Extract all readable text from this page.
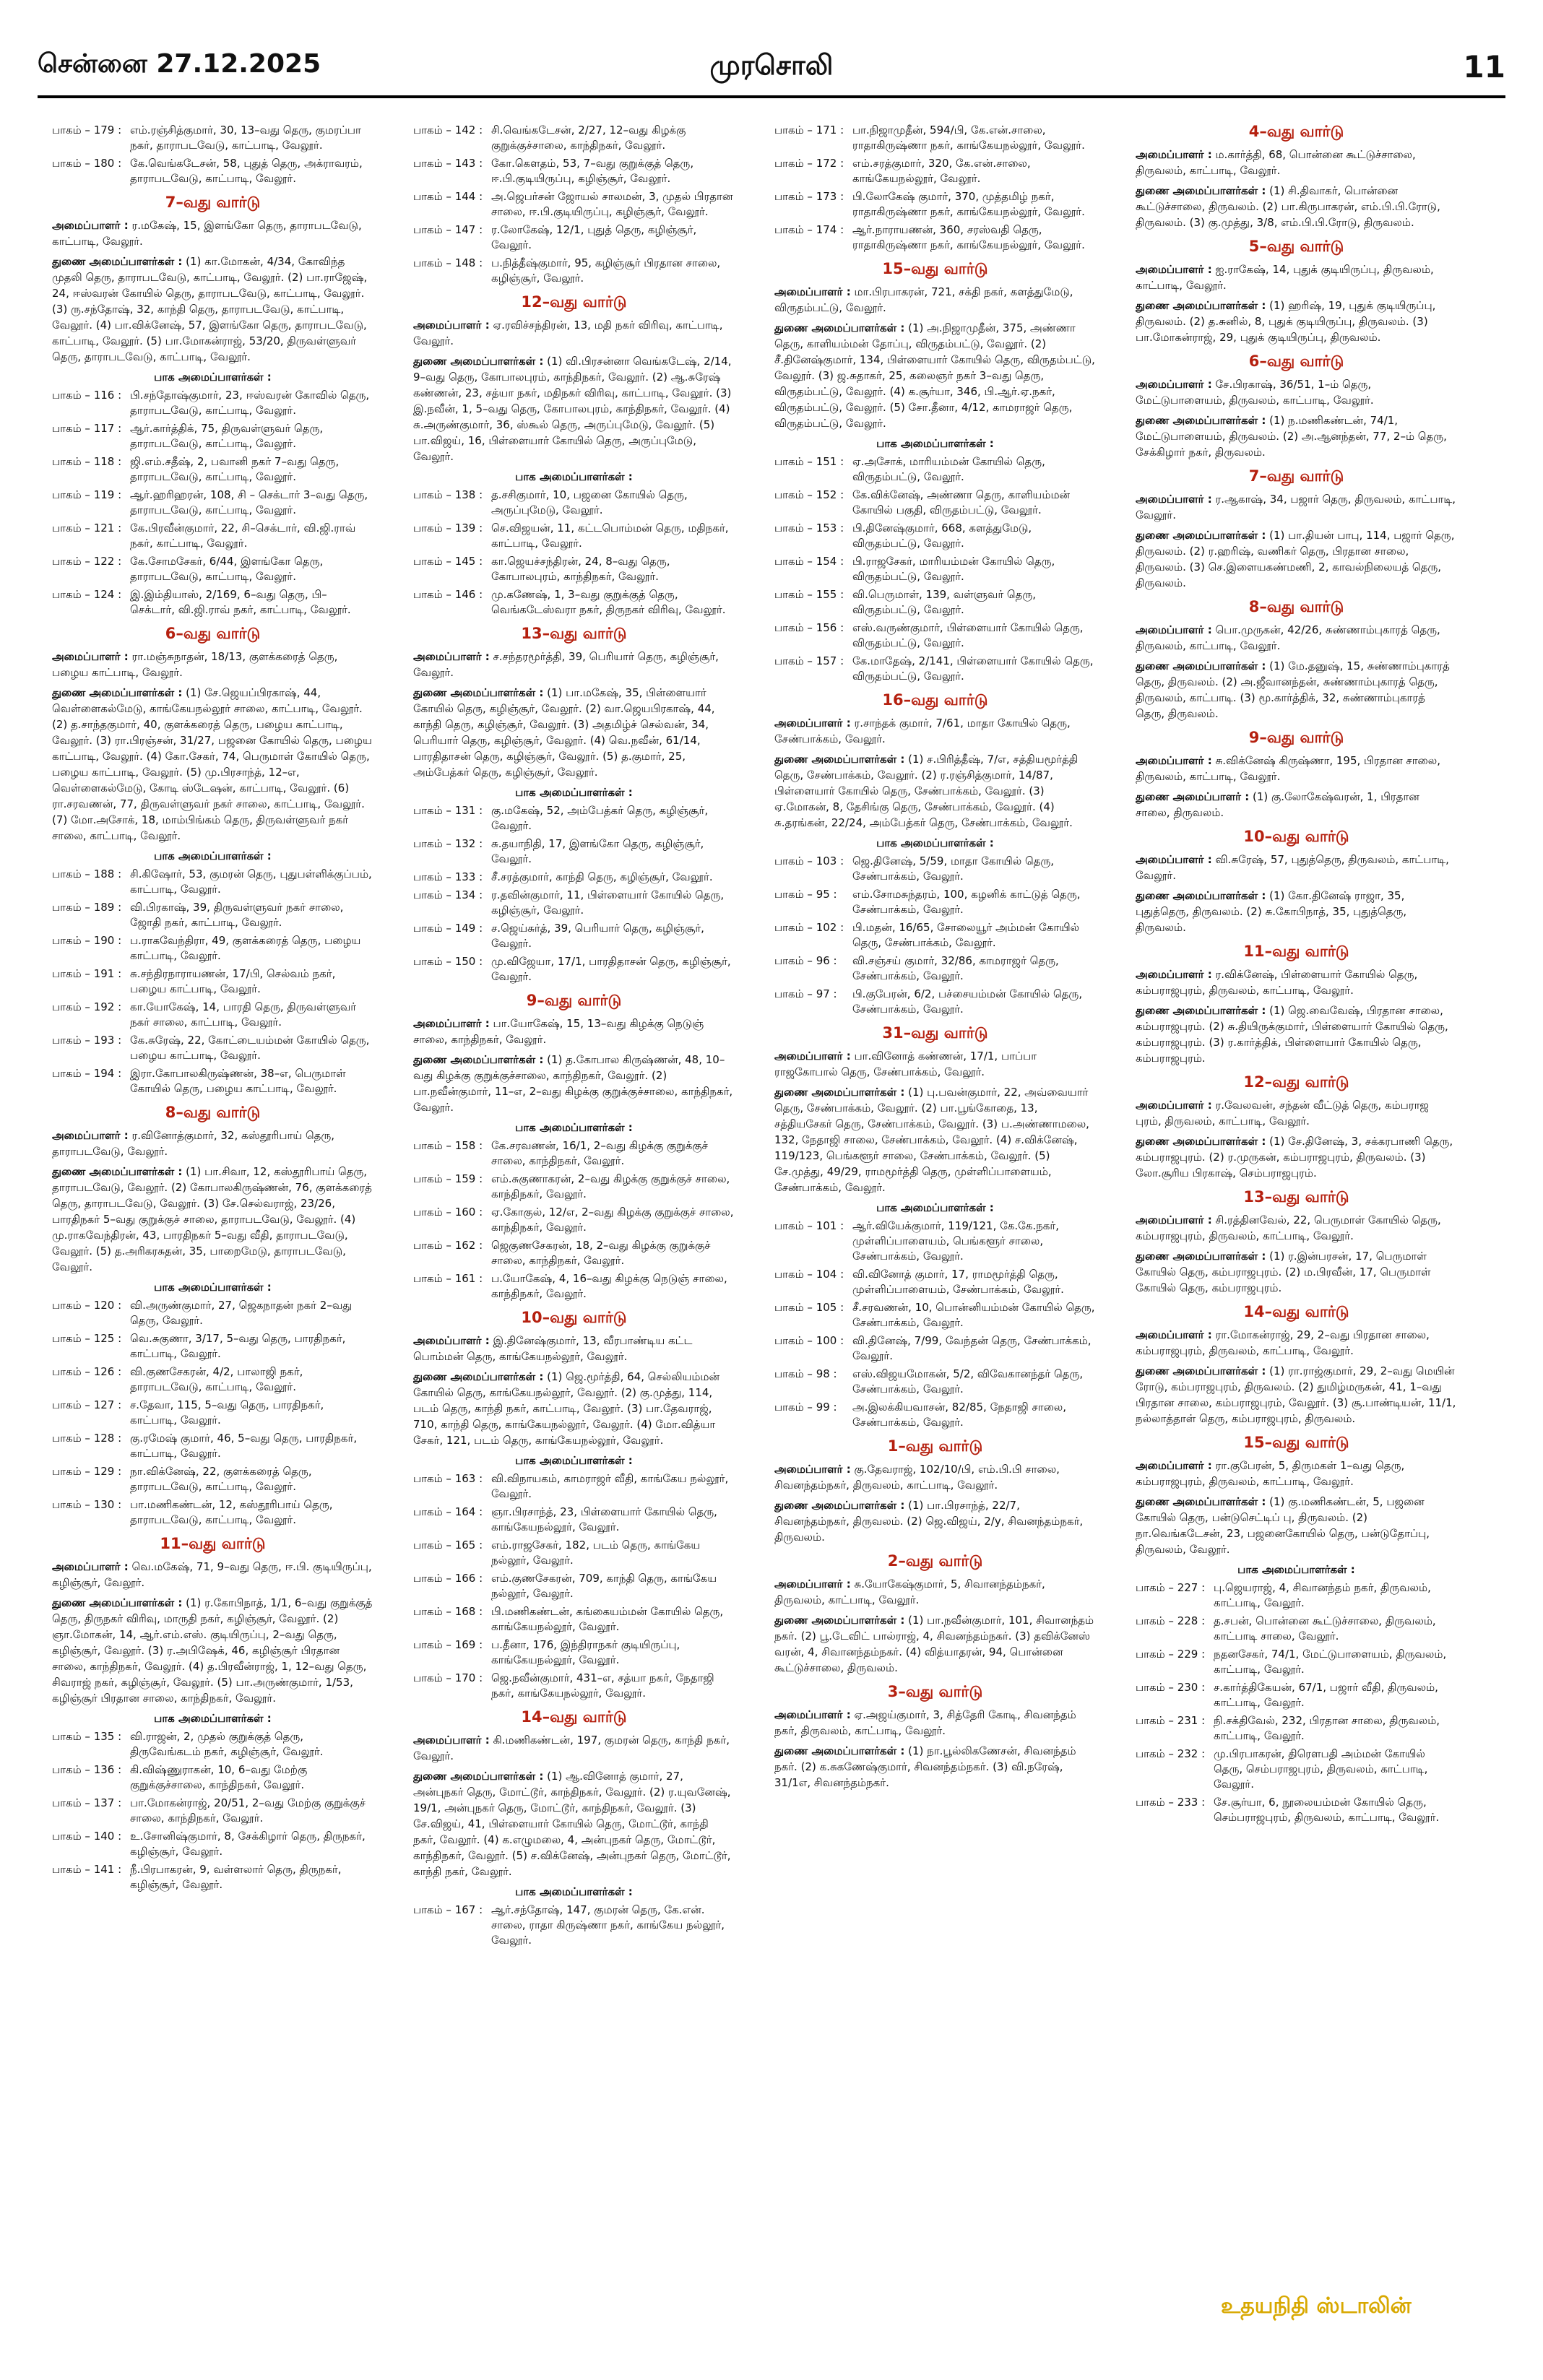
சென்னை 27.12.2025	முரசொலி	11
பாகம் – 179 : எம்.ரஞ்சித்குமார், 30, 13–வது தெரு, குமரப்பா நகர், தாராபடவேடு, காட்பாடி, வேலூர்.
பாகம் – 180 : கே.வெங்கடேசன், 58, புதுத் தெரு, அக்ராவரம், தாராபடவேடு, காட்பாடி, வேலூர்.
7–வது வார்டு
அமைப்பாளர் : ர.மகேஷ், 15, இளங்கோ தெரு, தாராபடவேடு, காட்பாடி, வேலூர்.
துணை அமைப்பாளர்கள் : (1) கா.மோகன், 4/34, கோவிந்த முதலி தெரு, தாராபடவேடு, காட்பாடி, வேலூர். (2) பா.ராஜேஷ், 24, ஈஸ்வரன் கோயில் தெரு, தாராபடவேடு, காட்பாடி, வேலூர். (3) ரு.சந்தோஷ், 32, காந்தி தெரு, தாராபடவேடு, காட்பாடி, வேலூர். (4) பா.விக்னேஷ், 57, இளங்கோ தெரு, தாராபடவேடு, காட்பாடி, வேலூர். (5) பா.மோகன்ராஜ், 53/20, திருவள்ளுவர் தெரு, தாராபடவேடு, காட்பாடி, வேலூர்.
பாக அமைப்பாளர்கள் :
பாகம் – 116 : பி.சந்தோஷ்குமார், 23, ஈஸ்வரன் கோவில் தெரு, தாராபடவேடு, காட்பாடி, வேலூர்.
பாகம் – 117 : ஆர்.கார்த்திக், 75, திருவள்ளுவர் தெரு, தாராபடவேடு, காட்பாடி, வேலூர்.
பாகம் – 118 : ஜி.எம்.சதீஷ், 2, பவானி நகர் 7–வது தெரு, தாராபடவேடு, காட்பாடி, வேலூர்.
பாகம் – 119 : ஆர்.ஹரிஹரன், 108, சி – செக்டார் 3–வது தெரு, தாராபடவேடு, காட்பாடி, வேலூர்.
பாகம் – 121 : கே.பிரவீன்குமார், 22, சி–செக்டார், வி.ஜி.ராவ் நகர், காட்பாடி, வேலூர்.
பாகம் – 122 : கே.சோமசேகர், 6/44, இளங்கோ தெரு, தாராபடவேடு, காட்பாடி, வேலூர்.
பாகம் – 124 : இ.இம்தியாஸ், 2/169, 6–வது தெரு, பி– செக்டார், வி.ஜி.ராவ் நகர், காட்பாடி, வேலூர்.
6–வது வார்டு
அமைப்பாளர் : ரா.மஞ்சுநாதன், 18/13, குளக்கரைத் தெரு, பழைய காட்பாடி, வேலூர்.
துணை அமைப்பாளர்கள் : (1) சே.ஜெயப்பிரகாஷ், 44, வெள்ளைகல்மேடு, காங்கேயநல்லூர் சாலை, காட்பாடி, வேலூர். (2) த.சாந்தகுமார், 40, குளக்கரைத் தெரு, பழைய காட்பாடி, வேலூர். (3) ரா.பிரஞ்சன், 31/27, பஜனை கோயில் தெரு, பழைய காட்பாடி, வேலூர். (4) கோ.சேகர், 74, பெருமாள் கோயில் தெரு, பழைய காட்பாடி, வேலூர். (5) மு.பிரசாந்த், 12–எ, வெள்ளைகல்மேடு, கோடி ஸ்டேஷன், காட்பாடி, வேலூர். (6) ரா.சரவணன், 77, திருவள்ளுவர் நகர் சாலை, காட்பாடி, வேலூர். (7) மோ.அசோக், 18, மாம்பிங்கம் தெரு, திருவள்ளுவர் நகர் சாலை, காட்பாடி, வேலூர்.
பாக அமைப்பாளர்கள் :
பாகம் – 188 : சி.கிஷோர், 53, குமரன் தெரு, புதுபள்ளிக்குப்பம், காட்பாடி, வேலூர்.
பாகம் – 189 : வி.பிரகாஷ், 39, திருவள்ளுவர் நகர் சாலை, ஜோதி நகர், காட்பாடி, வேலூர்.
பாகம் – 190 : ப.ராகவேந்திரா, 49, குளக்கரைத் தெரு, பழைய காட்பாடி, வேலூர்.
பாகம் – 191 : சு.சந்திரநாராயணன், 17/பி, செல்வம் நகர், பழைய காட்பாடி, வேலூர்.
பாகம் – 192 : கா.யோகேஷ், 14, பாரதி தெரு, திருவள்ளுவர் நகர் சாலை, காட்பாடி, வேலூர்.
பாகம் – 193 : கே.சுரேஷ், 22, கோட்டையம்மன் கோயில் தெரு, பழைய காட்பாடி, வேலூர்.
பாகம் – 194 : இரா.கோபாலகிருஷ்ணன், 38–எ, பெருமாள் கோயில் தெரு, பழைய காட்பாடி, வேலூர்.
8–வது வார்டு
அமைப்பாளர் : ர.வினோத்குமார், 32, கஸ்தூரிபாய் தெரு, தாராபடவேடு, வேலூர்.
துணை அமைப்பாளர்கள் : (1) பா.சிவா, 12, கஸ்தூரிபாய் தெரு, தாராபடவேடு, வேலூர். (2) கோபாலகிருஷ்ணன், 76, குளக்கரைத் தெரு, தாராபடவேடு, வேலூர். (3) சே.செல்வராஜ், 23/26, பாரதிநகர் 5–வது குறுக்குச் சாலை, தாராபடவேடு, வேலூர். (4) மு.ராகவேந்திரன், 43, பாரதிநகர் 5–வது வீதி, தாராபடவேடு, வேலூர். (5) த.அரிகரசுதன், 35, பாறைமேடு, தாராபடவேடு, வேலூர்.
பாக அமைப்பாளர்கள் :
பாகம் – 120 : வி.அருண்குமார், 27, ஜெகநாதன் நகர் 2–வது தெரு, வேலூர்.
பாகம் – 125 : வெ.சுகுணா, 3/17, 5–வது தெரு, பாரதிநகர், காட்பாடி, வேலூர்.
பாகம் – 126 : வி.குணசேகரன், 4/2, பாலாஜி நகர், தாராபடவேடு, காட்பாடி, வேலூர்.
பாகம் – 127 : ச.தேவா, 115, 5–வது தெரு, பாரதிநகர், காட்பாடி, வேலூர்.
பாகம் – 128 : கு.ரமேஷ் குமார், 46, 5–வது தெரு, பாரதிநகர், காட்பாடி, வேலூர்.
பாகம் – 129 : நா.விக்னேஷ், 22, குளக்கரைத் தெரு, தாராபடவேடு, காட்பாடி, வேலூர்.
பாகம் – 130 : பா.மணிகண்டன், 12, கஸ்தூரிபாய் தெரு, தாராபடவேடு, காட்பாடி, வேலூர்.
11–வது வார்டு
அமைப்பாளர் : வெ.மகேஷ், 71, 9–வது தெரு, ஈ.பி. குடியிருப்பு, கழிஞ்சூர், வேலூர்.
துணை அமைப்பாளர்கள் : (1) ர.கோபிநாத், 1/1, 6–வது குறுக்குத் தெரு, திருநகர் விரிவு, மாருதி நகர், கழிஞ்சூர், வேலூர். (2) ஞா.மோகன், 14, ஆர்.எம்.எஸ். குடியிருப்பு, 2–வது தெரு, கழிஞ்சூர், வேலூர். (3) ர.அபிஷேக், 46, கழிஞ்சூர் பிரதான சாலை, காந்திநகர், வேலூர். (4) த.பிரவீன்ராஜ், 1, 12–வது தெரு, சிவராஜ் நகர், கழிஞ்சூர், வேலூர். (5) பா.அருண்குமார், 1/53, கழிஞ்சூர் பிரதான சாலை, காந்திநகர், வேலூர்.
பாக அமைப்பாளர்கள் :
பாகம் – 135 : வி.ராஜன், 2, முதல் குறுக்குத் தெரு, திருவேங்கடம் நகர், கழிஞ்சூர், வேலூர்.
பாகம் – 136 : கி.விஷ்ணுராகன், 10, 6–வது மேற்கு குறுக்குச்சாலை, காந்திநகர், வேலூர்.
பாகம் – 137 : பா.மோகன்ராஜ், 20/51, 2–வது மேற்கு குறுக்குச் சாலை, காந்திநகர், வேலூர்.
பாகம் – 140 : உ.சோனிஷ்குமார், 8, சேக்கிழார் தெரு, திருநகர், கழிஞ்சூர், வேலூர்.
பாகம் – 141 : நீ.பிரபாகரன், 9, வள்ளலார் தெரு, திருநகர், கழிஞ்சூர், வேலூர்.
பாகம் – 142 : சி.வெங்கடேசன், 2/27, 12–வது கிழக்கு குறுக்குச்சாலை, காந்திநகர், வேலூர்.
பாகம் – 143 : கோ.கௌதம், 53, 7–வது குறுக்குத் தெரு, ஈ.பி.குடியிருப்பு, கழிஞ்சூர், வேலூர்.
பாகம் – 144 : அ.ஜெபர்சன் ஜோயல் சாலமன், 3, முதல் பிரதான சாலை, ஈ.பி.குடியிருப்பு, கழிஞ்சூர், வேலூர்.
பாகம் – 147 : ர.லோகேஷ், 12/1, புதுத் தெரு, கழிஞ்சூர், வேலூர்.
பாகம் – 148 : ப.நித்தீஷ்குமார், 95, கழிஞ்சூர் பிரதான சாலை, கழிஞ்சூர், வேலூர்.
12–வது வார்டு
அமைப்பாளர் : ஏ.ரவிச்சந்திரன், 13, மதி நகர் விரிவு, காட்பாடி, வேலூர்.
துணை அமைப்பாளர்கள் : (1) வி.பிரசன்னா வெங்கடேஷ், 2/14, 9–வது தெரு, கோபாலபுரம், காந்திநகர், வேலூர். (2) ஆ.சுரேஷ் கண்ணன், 23, சத்யா நகர், மதிநகர் விரிவு, காட்பாடி, வேலூர். (3) இ.நவீன், 1, 5–வது தெரு, கோபாலபுரம், காந்திநகர், வேலூர். (4) சு.அருண்குமார், 36, ஸ்கூல் தெரு, அருப்புமேடு, வேலூர். (5) பா.விஜய், 16, பிள்ளையார் கோயில் தெரு, அருப்புமேடு, வேலூர்.
பாக அமைப்பாளர்கள் :
பாகம் – 138 : த.சசிகுமார், 10, பஜனை கோயில் தெரு, அருப்புமேடு, வேலூர்.
பாகம் – 139 : செ.விஜயன், 11, கட்டபொம்மன் தெரு, மதிநகர், காட்பாடி, வேலூர்.
பாகம் – 145 : கா.ஜெயச்சந்திரன், 24, 8–வது தெரு, கோபாலபுரம், காந்திநகர், வேலூர்.
பாகம் – 146 : மு.கணேஷ், 1, 3–வது குறுக்குத் தெரு, வெங்கடேஸ்வரா நகர், திருநகர் விரிவு, வேலூர்.
13–வது வார்டு
அமைப்பாளர் : ச.சந்தரமூர்த்தி, 39, பெரியார் தெரு, கழிஞ்சூர், வேலூர்.
துணை அமைப்பாளர்கள் : (1) பா.மகேஷ், 35, பிள்ளையார் கோயில் தெரு, கழிஞ்சூர், வேலூர். (2) வா.ஜெயபிரகாஷ், 44, காந்தி தெரு, கழிஞ்சூர், வேலூர். (3) அதமிழ்ச் செல்வன், 34, பெரியார் தெரு, கழிஞ்சூர், வேலூர். (4) வெ.நவீன், 61/14, பாரதிதாசன் தெரு, கழிஞ்சூர், வேலூர். (5) த.குமார், 25, அம்பேத்கர் தெரு, கழிஞ்சூர், வேலூர்.
பாக அமைப்பாளர்கள் :
பாகம் – 131 : கு.மகேஷ், 52, அம்பேத்கர் தெரு, கழிஞ்சூர், வேலூர்.
பாகம் – 132 : சு.தயாநிதி, 17, இளங்கோ தெரு, கழிஞ்சூர், வேலூர்.
பாகம் – 133 : சீ.சரத்குமார், காந்தி தெரு, கழிஞ்சூர், வேலூர்.
பாகம் – 134 : ர.தவின்குமார், 11, பிள்ளையார் கோயில் தெரு, கழிஞ்சூர், வேலூர்.
பாகம் – 149 : ச.ஜெய்சுர்த், 39, பெரியார் தெரு, கழிஞ்சூர், வேலூர்.
பாகம் – 150 : மு.விஜேயா, 17/1, பாரதிதாசன் தெரு, கழிஞ்சூர், வேலூர்.
9–வது வார்டு
அமைப்பாளர் : பா.யோகேஷ், 15, 13–வது கிழக்கு நெடுஞ் சாலை, காந்திநகர், வேலூர்.
துணை அமைப்பாளர்கள் : (1) த.கோபால கிருஷ்ணன், 48, 10–வது கிழக்கு குறுக்குச்சாலை, காந்திநகர், வேலூர். (2) பா.நவீன்குமார், 11–எ, 2–வது கிழக்கு குறுக்குச்சாலை, காந்திநகர், வேலூர்.
பாக அமைப்பாளர்கள் :
பாகம் – 158 : கே.சரவணன், 16/1, 2–வது கிழக்கு குறுக்குச் சாலை, காந்திநகர், வேலூர்.
பாகம் – 159 : எம்.சுகுணாகரன், 2–வது கிழக்கு குறுக்குச் சாலை, காந்திநகர், வேலூர்.
பாகம் – 160 : ஏ.கோகுல், 12/எ, 2–வது கிழக்கு குறுக்குச் சாலை, காந்திநகர், வேலூர்.
பாகம் – 162 : ஜெகுணசேகரன், 18, 2–வது கிழக்கு குறுக்குச் சாலை, காந்திநகர், வேலூர்.
பாகம் – 161 : ப.யோகேஷ், 4, 16–வது கிழக்கு நெடுஞ் சாலை, காந்திநகர், வேலூர்.
10–வது வார்டு
அமைப்பாளர் : இ.தினேஷ்குமார், 13, வீரபாண்டிய கட்ட பொம்மன் தெரு, காங்கேயநல்லூர், வேலூர்.
துணை அமைப்பாளர்கள் : (1) ஜெ.மூர்த்தி, 64, செல்லியம்மன் கோயில் தெரு, காங்கேயநல்லூர், வேலூர். (2) கு.முத்து, 114, படம் தெரு, காந்தி நகர், காட்பாடி, வேலூர். (3) பா.தேவராஜ், 710, காந்தி தெரு, காங்கேயநல்லூர், வேலூர். (4) மோ.வித்யா சேகர், 121, படம் தெரு, காங்கேயநல்லூர், வேலூர்.
பாக அமைப்பாளர்கள் :
பாகம் – 163 : வி.விநாயகம், காமராஜர் வீதி, காங்கேய நல்லூர், வேலூர்.
பாகம் – 164 : ஞா.பிரசாந்த், 23, பிள்ளையார் கோயில் தெரு, காங்கேயநல்லூர், வேலூர்.
பாகம் – 165 : எம்.ராஜசேகர், 182, படம் தெரு, காங்கேய நல்லூர், வேலூர்.
பாகம் – 166 : எம்.குணசேகரன், 709, காந்தி தெரு, காங்கேய நல்லூர், வேலூர்.
பாகம் – 168 : பி.மணிகண்டன், கங்கையம்மன் கோயில் தெரு, காங்கேயநல்லூர், வேலூர்.
பாகம் – 169 : ப.தீனா, 176, இந்திராநகர் குடியிருப்பு, காங்கேயநல்லூர், வேலூர்.
பாகம் – 170 : ஜெ.நவீன்குமார், 431–எ, சத்யா நகர், நேதாஜி நகர், காங்கேயநல்லூர், வேலூர்.
14–வது வார்டு
அமைப்பாளர் : கி.மணிகண்டன், 197, குமரன் தெரு, காந்தி நகர், வேலூர்.
துணை அமைப்பாளர்கள் : (1) ஆ.வினோத் குமார், 27, அன்புநகர் தெரு, மோட்டூர், காந்திநகர், வேலூர். (2) ர.யுவனேஷ், 19/1, அன்புநகர் தெரு, மோட்டூர், காந்திநகர், வேலூர். (3) சே.விஜய், 41, பிள்ளையார் கோயில் தெரு, மோட்டூர், காந்தி நகர், வேலூர். (4) க.எழுமலை, 4, அன்புநகர் தெரு, மோட்டூர், காந்திநகர், வேலூர். (5) ச.விக்னேஷ், அன்புநகர் தெரு, மோட்டூர், காந்தி நகர், வேலூர்.
பாக அமைப்பாளர்கள் :
பாகம் – 167 : ஆர்.சந்தோஷ், 147, குமரன் தெரு, கே.என். சாலை, ராதா கிருஷ்ணா நகர், காங்கேய நல்லூர், வேலூர்.
பாகம் – 171 : பா.நிஜாமுதீன், 594/பி, கே.என்.சாலை, ராதாகிருஷ்ணா நகர், காங்கேயநல்லூர், வேலூர்.
பாகம் – 172 : எம்.சரத்குமார், 320, கே.என்.சாலை, காங்கேயநல்லூர், வேலூர்.
பாகம் – 173 : பி.லோகேஷ் குமார், 370, முத்தமிழ் நகர், ராதாகிருஷ்ணா நகர், காங்கேயநல்லூர், வேலூர்.
பாகம் – 174 : ஆர்.நாராயணன், 360, சரஸ்வதி தெரு, ராதாகிருஷ்ணா நகர், காங்கேயநல்லூர், வேலூர்.
15–வது வார்டு
அமைப்பாளர் : மா.பிரபாகரன், 721, சக்தி நகர், களத்துமேடு, விருதம்பட்டு, வேலூர்.
துணை அமைப்பாளர்கள் : (1) அ.நிஜாமுதீன், 375, அண்ணா தெரு, காளியம்மன் தோப்பு, விருதம்பட்டு, வேலூர். (2) சீ.தினேஷ்குமார், 134, பிள்ளையார் கோயில் தெரு, விருதம்பட்டு, வேலூர். (3) ஜ.சுதாகர், 25, கலைஞர் நகர் 3–வது தெரு, விருதம்பட்டு, வேலூர். (4) க.சூர்யா, 346, பி.ஆர்.ஏ.நகர், விருதம்பட்டு, வேலூர். (5) சோ.தீனா, 4/12, காமராஜர் தெரு, விருதம்பட்டு, வேலூர்.
பாக அமைப்பாளர்கள் :
பாகம் – 151 : ஏ.அசோக், மாரியம்மன் கோயில் தெரு, விருதம்பட்டு, வேலூர்.
பாகம் – 152 : கே.விக்னேஷ், அண்ணா தெரு, காளியம்மன் கோயில் பகுதி, விருதம்பட்டு, வேலூர்.
பாகம் – 153 : பி.தினேஷ்குமார், 668, களத்துமேடு, விருதம்பட்டு, வேலூர்.
பாகம் – 154 : பி.ராஜசேகர், மாரியம்மன் கோயில் தெரு, விருதம்பட்டு, வேலூர்.
பாகம் – 155 : வி.பெருமாள், 139, வள்ளுவர் தெரு, விருதம்பட்டு, வேலூர்.
பாகம் – 156 : எஸ்.வருண்குமார், பிள்ளையார் கோயில் தெரு, விருதம்பட்டு, வேலூர்.
பாகம் – 157 : கே.மாதேஷ், 2/141, பிள்ளையார் கோயில் தெரு, விருதம்பட்டு, வேலூர்.
16–வது வார்டு
அமைப்பாளர் : ர.சாந்தக் குமார், 7/61, மாதா கோயில் தெரு, சேண்பாக்கம், வேலூர்.
துணை அமைப்பாளர்கள் : (1) ச.பிரித்தீஷ், 7/எ, சத்தியமூர்த்தி தெரு, சேண்பாக்கம், வேலூர். (2) ர.ரஞ்சித்குமார், 14/87, பிள்ளையார் கோயில் தெரு, சேண்பாக்கம், வேலூர். (3) ஏ.மோகன், 8, தேசிங்கு தெரு, சேண்பாக்கம், வேலூர். (4) சு.தரங்கன், 22/24, அம்பேத்கர் தெரு, சேண்பாக்கம், வேலூர்.
பாக அமைப்பாளர்கள் :
பாகம் – 103 : ஜெ.தினேஷ், 5/59, மாதா கோயில் தெரு, சேண்பாக்கம், வேலூர்.
பாகம் – 95 :	எம்.சோமசுந்தரம், 100, கழனிக் காட்டுத் தெரு, சேண்பாக்கம், வேலூர்.
பாகம் – 102 : பி.மதன், 16/65, சோலையூர் அம்மன் கோயில் தெரு, சேண்பாக்கம், வேலூர்.
பாகம் – 96 :	வி.சஞ்சய் குமார், 32/86, காமராஜர் தெரு, சேண்பாக்கம், வேலூர்.
பாகம் – 97 :	பி.குபேரன், 6/2, பச்சையம்மன் கோயில் தெரு, சேண்பாக்கம், வேலூர்.
31–வது வார்டு
அமைப்பாளர் : பா.வினோத் கண்ணன், 17/1, பாப்பா ராஜகோபால் தெரு, சேண்பாக்கம், வேலூர்.
துணை அமைப்பாளர்கள் : (1) பு.பவன்குமார், 22, அவ்வையார் தெரு, சேண்பாக்கம், வேலூர். (2) பா.பூங்கோதை, 13, சத்தியசேகர் தெரு, சேண்பாக்கம், வேலூர். (3) ப.அண்ணாமலை, 132, நேதாஜி சாலை, சேண்பாக்கம், வேலூர். (4) ச.விக்னேஷ், 119/123, பெங்களூர் சாலை, சேண்பாக்கம், வேலூர். (5) சே.முத்து, 49/29, ராமமூர்த்தி தெரு, முள்ளிப்பாளையம், சேண்பாக்கம், வேலூர்.
பாக அமைப்பாளர்கள் :
பாகம் – 101 : ஆர்.வியேக்குமார், 119/121, கே.கே.நகர், முள்ளிப்பாளையம், பெங்களூர் சாலை, சேண்பாக்கம், வேலூர்.
பாகம் – 104 : வி.வினோத் குமார், 17, ராமமூர்த்தி தெரு, முள்ளிப்பாளையம், சேண்பாக்கம், வேலூர்.
பாகம் – 105 : சீ.சரவணன், 10, பொன்னியம்மன் கோயில் தெரு, சேண்பாக்கம், வேலூர்.
பாகம் – 100 : வி.தினேஷ், 7/99, வேந்தன் தெரு, சேண்பாக்கம், வேலூர்.
பாகம் – 98 :	எஸ்.விஜயமோகன், 5/2, விவேகானந்தர் தெரு, சேண்பாக்கம், வேலூர்.
பாகம் – 99 :	அ.இலக்கியவாசன், 82/85, நேதாஜி சாலை, சேண்பாக்கம், வேலூர்.
1–வது வார்டு
அமைப்பாளர் : கு.தேவராஜ், 102/10/பி, எம்.பி.பி சாலை, சிவனந்தம்நகர், திருவலம், காட்பாடி, வேலூர்.
துணை அமைப்பாளர்கள் : (1) பா.பிரசாந்த், 22/7, சிவனந்தம்நகர், திருவலம். (2) ஜெ.விஜய், 2/y, சிவனந்தம்நகர், திருவலம்.
2–வது வார்டு
அமைப்பாளர் : சு.யோகேஷ்குமார், 5, சிவானந்தம்நகர், திருவலம், காட்பாடி, வேலூர்.
துணை அமைப்பாளர்கள் : (1) பா.நவீன்குமார், 101, சிவானந்தம் நகர். (2) பூ.டேவிட் பால்ராஜ், 4, சிவனந்தம்நகர். (3) தவிக்னேஸ் வரன், 4, சிவானந்தம்நகர். (4) வித்யாதரன், 94, பொன்னை கூட்டுச்சாலை, திருவலம்.
3–வது வார்டு
அமைப்பாளர் : ஏ.அஜய்குமார், 3, சித்தேரி கோடி, சிவனந்தம் நகர், திருவலம், காட்பாடி, வேலூர்.
துணை அமைப்பாளர்கள் : (1) நா.பூல்லிகணேசன், சிவனந்தம் நகர். (2) க.சுகணேஷ்குமார், சிவனந்தம்நகர். (3) வி.நரேஷ், 31/1எ, சிவனந்தம்நகர்.
4–வது வார்டு
அமைப்பாளர் : ம.கார்த்தி, 68, பொன்னை கூட்டுச்சாலை, திருவலம், காட்பாடி, வேலூர்.
துணை அமைப்பாளர்கள் : (1) சி.திவாகர், பொன்னை கூட்டுச்சாலை, திருவலம். (2) பா.கிருபாகரன், எம்.பி.பி.ரோடு, திருவலம். (3) கு.முத்து, 3/8, எம்.பி.பி.ரோடு, திருவலம்.
5–வது வார்டு
அமைப்பாளர் : ஐ.ராகேஷ், 14, புதுக் குடியிருப்பு, திருவலம், காட்பாடி, வேலூர்.
துணை அமைப்பாளர்கள் : (1) ஹரிஷ், 19, புதுக் குடியிருப்பு, திருவலம். (2) த.சுனில், 8, புதுக் குடியிருப்பு, திருவலம். (3) பா.மோகன்ராஜ், 29, புதுக் குடியிருப்பு, திருவலம்.
6–வது வார்டு
அமைப்பாளர் : சே.பிரகாஷ், 36/51, 1–ம் தெரு, மேட்டுபாளையம், திருவலம், காட்பாடி, வேலூர்.
துணை அமைப்பாளர்கள் : (1) ந.மணிகண்டன், 74/1, மேட்டுபாளையம், திருவலம். (2) அ.ஆனந்தன், 77, 2–ம் தெரு, சேக்கிழார் நகர், திருவலம்.
7–வது வார்டு
அமைப்பாளர் : ர.ஆகாஷ், 34, பஜார் தெரு, திருவலம், காட்பாடி, வேலூர்.
துணை அமைப்பாளர்கள் : (1) பா.தியன் பாபு, 114, பஜார் தெரு, திருவலம். (2) ர.ஹரிஷ், வணிகர் தெரு, பிரதான சாலை, திருவலம். (3) செ.இளையகண்மணி, 2, காவல்நிலையத் தெரு, திருவலம்.
8–வது வார்டு
அமைப்பாளர் : பொ.முருகன், 42/26, சுண்ணாம்புகாரத் தெரு, திருவலம், காட்பாடி, வேலூர்.
துணை அமைப்பாளர்கள் : (1) மே.தனுஷ், 15, சுண்ணாம்புகாரத் தெரு, திருவலம். (2) அ.ஜீவானந்தன், சுண்ணாம்புகாரத் தெரு, திருவலம், காட்பாடி. (3) மூ.கார்த்திக், 32, சுண்ணாம்புகாரத் தெரு, திருவலம்.
9–வது வார்டு
அமைப்பாளர் : சு.விக்னேஷ் கிருஷ்ணா, 195, பிரதான சாலை, திருவலம், காட்பாடி, வேலூர்.
துணை அமைப்பாளர் : (1) கு.லோகேஷ்வரன், 1, பிரதான சாலை, திருவலம்.
10–வது வார்டு
அமைப்பாளர் : வி.சுரேஷ், 57, புதுத்தெரு, திருவலம், காட்பாடி, வேலூர்.
துணை அமைப்பாளர்கள் : (1) கோ.தினேஷ் ராஜா, 35, புதுத்தெரு, திருவலம். (2) சு.கோபிநாத், 35, புதுத்தெரு, திருவலம்.
11–வது வார்டு
அமைப்பாளர் : ர.விக்னேஷ், பிள்ளையார் கோயில் தெரு, கம்பராஜபுரம், திருவலம், காட்பாடி, வேலூர்.
துணை அமைப்பாளர்கள் : (1) ஜெ.வைவேஷ், பிரதான சாலை, கம்பராஜபுரம். (2) சு.தியிருக்குமார், பிள்ளையார் கோயில் தெரு, கம்பராஜபுரம். (3) ர.கார்த்திக், பிள்ளையார் கோயில் தெரு, கம்பராஜபுரம்.
12–வது வார்டு
அமைப்பாளர் : ர.வேலவன், சந்தன் வீட்டுத் தெரு, கம்பராஜ புரம், திருவலம், காட்பாடி, வேலூர்.
துணை அமைப்பாளர்கள் : (1) சே.தினேஷ், 3, சக்கரபாணி தெரு, கம்பராஜபுரம். (2) ர.முருகன், கம்பராஜபுரம், திருவலம். (3) லோ.சூரிய பிரகாஷ், செம்பராஜபுரம்.
13–வது வார்டு
அமைப்பாளர் : சி.ரத்தினவேல், 22, பெருமாள் கோயில் தெரு, கம்பராஜபுரம், திருவலம், காட்பாடி, வேலூர்.
துணை அமைப்பாளர்கள் : (1) ர.இன்பரசன், 17, பெருமாள் கோயில் தெரு, கம்பராஜபுரம். (2) ம.பிரவீன், 17, பெருமாள் கோயில் தெரு, கம்பராஜபுரம்.
14–வது வார்டு
அமைப்பாளர் : ரா.மோகன்ராஜ், 29, 2–வது பிரதான சாலை, கம்பராஜபுரம், திருவலம், காட்பாடி, வேலூர்.
துணை அமைப்பாளர்கள் : (1) ரா.ராஜ்குமார், 29, 2–வது மெயின் ரோடு, கம்பராஜபுரம், திருவலம். (2) துமிழ்மருகன், 41, 1–வது பிரதான சாலை, கம்பராஜபுரம், வேலூர். (3) சூ.பாண்டியன், 11/1, நல்லாத்தாள் தெரு, கம்பராஜபுரம், திருவலம்.
15–வது வார்டு
அமைப்பாளர் : ரா.குபேரன், 5, திருமகள் 1–வது தெரு, கம்பராஜபுரம், திருவலம், காட்பாடி, வேலூர்.
துணை அமைப்பாளர்கள் : (1) கு.மணிகண்டன், 5, பஜனை கோயில் தெரு, பன்டுசெட்டிப் பு, திருவலம். (2) நா.வெங்கடேசன், 23, பஜனைகோயில் தெரு, பன்டுதோப்பு, திருவலம், வேலூர்.
பாக அமைப்பாளர்கள் :
பாகம் – 227 : பு.ஜெயராஜ், 4, சிவானந்தம் நகர், திருவலம், காட்பாடி, வேலூர்.
பாகம் – 228 : த.சபன், பொன்னை கூட்டுச்சாலை, திருவலம், காட்பாடி சாலை, வேலூர்.
பாகம் – 229 : நதனசேகர், 74/1, மேட்டுபாளையம், திருவலம், காட்பாடி, வேலூர்.
பாகம் – 230 : ச.கார்த்திகேயன், 67/1, பஜார் வீதி, திருவலம், காட்பாடி, வேலூர்.
பாகம் – 231 : நி.சக்திவேல், 232, பிரதான சாலை, திருவலம், காட்பாடி, வேலூர்.
பாகம் – 232 : மு.பிரபாகரன், திரௌபதி அம்மன் கோயில் தெரு, செம்பராஜபுரம், திருவலம், காட்பாடி, வேலூர்.
பாகம் – 233 : சே.சூர்யா, 6, நூலையம்மன் கோயில் தெரு, செம்பராஜபுரம், திருவலம், காட்பாடி, வேலூர்.
உதயநிதி ஸ்டாலின்
